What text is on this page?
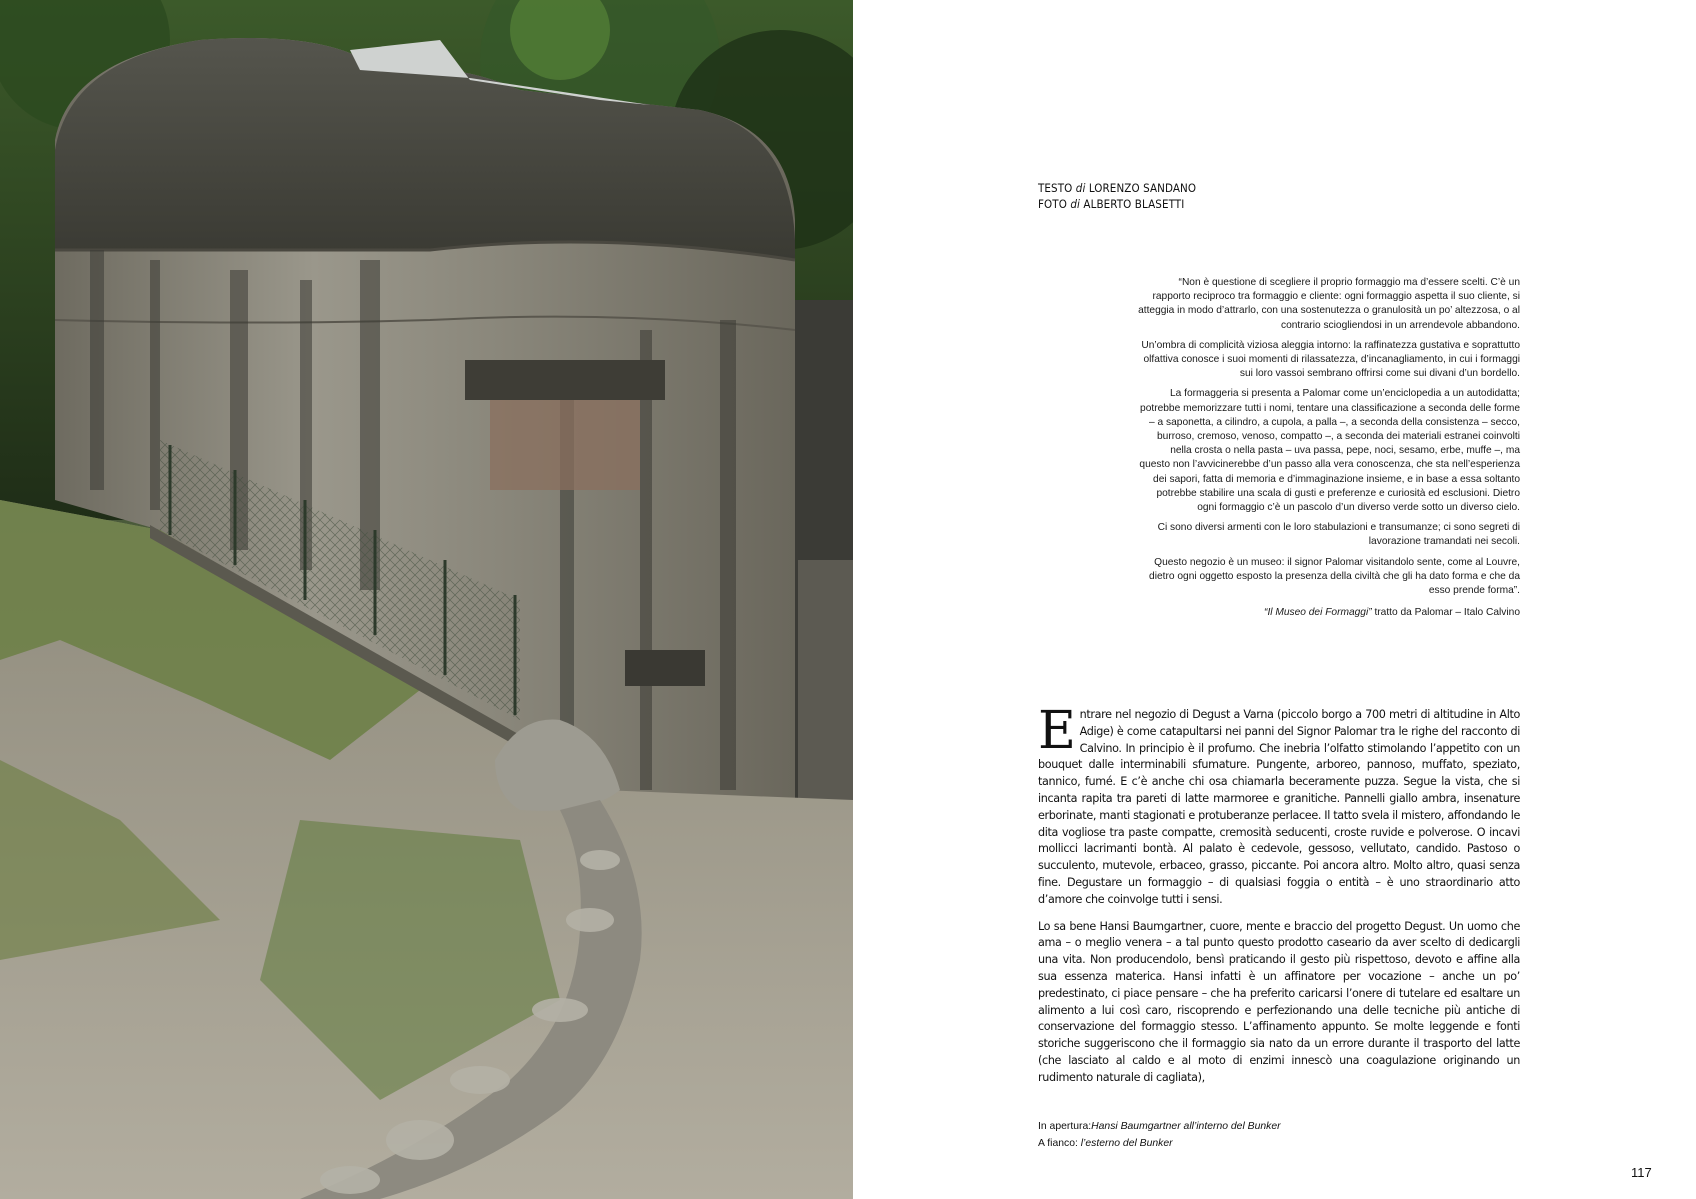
TESTO di LORENZO SANDANO
FOTO di ALBERTO BLASETTI

“Non è questione di scegliere il proprio formaggio ma d’essere scelti. C’è un rapporto reciproco tra formaggio e cliente: ogni formaggio aspetta il suo cliente, si atteggia in modo d’attrarlo, con una sostenutezza o granulosità un po’ altezzosa, o al contrario sciogliendosi in un arrendevole abbandono.

Un’ombra di complicità viziosa aleggia intorno: la raffinatezza gustativa e soprattutto olfattiva conosce i suoi momenti di rilassatezza, d’incanagliamento, in cui i formaggi sui loro vassoi sembrano offrirsi come sui divani d’un bordello.

La formaggeria si presenta a Palomar come un’enciclopedia a un autodidatta; potrebbe memorizzare tutti i nomi, tentare una classificazione a seconda delle forme – a saponetta, a cilindro, a cupola, a palla –, a seconda della consistenza – secco, burroso, cremoso, venoso, compatto –, a seconda dei materiali estranei coinvolti nella crosta o nella pasta – uva passa, pepe, noci, sesamo, erbe, muffe –, ma questo non l’avvicinerebbe d’un passo alla vera conoscenza, che sta nell’esperienza dei sapori, fatta di memoria e d’immaginazione insieme, e in base a essa soltanto potrebbe stabilire una scala di gusti e preferenze e curiosità ed esclusioni. Dietro ogni formaggio c’è un pascolo d’un diverso verde sotto un diverso cielo.

Ci sono diversi armenti con le loro stabulazioni e transumanze; ci sono segreti di lavorazione tramandati nei secoli.

Questo negozio è un museo: il signor Palomar visitandolo sente, come al Louvre, dietro ogni oggetto esposto la presenza della civiltà che gli ha dato forma e che da esso prende forma”.

“Il Museo dei Formaggi” tratto da Palomar – Italo Calvino

Entrare nel negozio di Degust a Varna (piccolo borgo a 700 metri di altitudine in Alto Adige) è come catapultarsi nei panni del Signor Palomar tra le righe del racconto di Calvino. In principio è il profumo. Che inebria l’olfatto stimolando l’appetito con un bouquet dalle interminabili sfumature. Pungente, arboreo, pannoso, muffato, speziato, tannico, fumé. E c’è anche chi osa chiamarla beceramente puzza. Segue la vista, che si incanta rapita tra pareti di latte marmoree e granitiche. Pannelli giallo ambra, insenature erborinate, manti stagionati e protuberanze perlacee. Il tatto svela il mistero, affondando le dita vogliose tra paste compatte, cremosità seducenti, croste ruvide e polverose. O incavi mollicci lacrimanti bontà. Al palato è cedevole, gessoso, vellutato, candido. Pastoso o succulento, mutevole, erbaceo, grasso, piccante. Poi ancora altro. Molto altro, quasi senza fine. Degustare un formaggio – di qualsiasi foggia o entità – è uno straordinario atto d’amore che coinvolge tutti i sensi.

Lo sa bene Hansi Baumgartner, cuore, mente e braccio del progetto Degust. Un uomo che ama – o meglio venera – a tal punto questo prodotto caseario da aver scelto di dedicargli una vita. Non producendolo, bensì praticando il gesto più rispettoso, devoto e affine alla sua essenza materica. Hansi infatti è un affinatore per vocazione – anche un po’ predestinato, ci piace pensare – che ha preferito caricarsi l’onere di tutelare ed esaltare un alimento a lui così caro, riscoprendo e perfezionando una delle tecniche più antiche di conservazione del formaggio stesso. L’affinamento appunto. Se molte leggende e fonti storiche suggeriscono che il formaggio sia nato da un errore durante il trasporto del latte (che lasciato al caldo e al moto di enzimi innescò una coagulazione originando un rudimento naturale di cagliata),

In apertura:Hansi Baumgartner all’interno del Bunker
A fianco: l’esterno del Bunker
117
